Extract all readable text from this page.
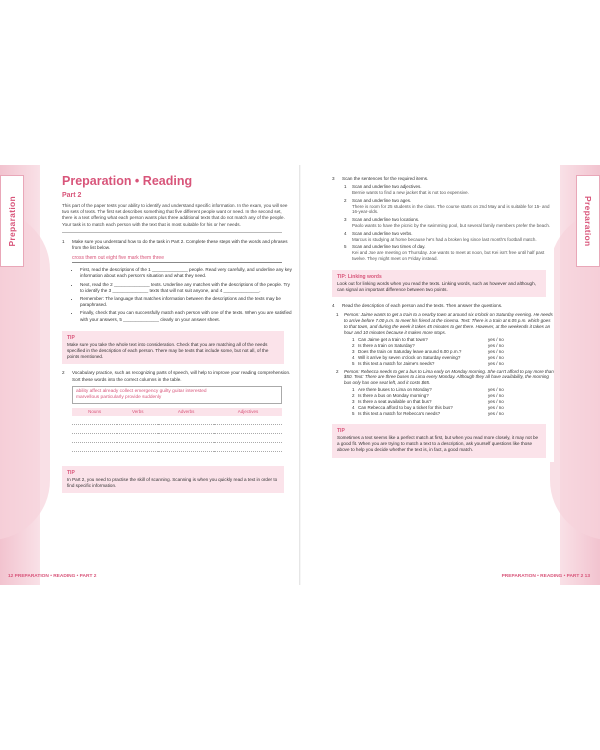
Preparation	Preparation
Preparation • Reading
Part 2
This part of the paper tests your ability to identify and understand specific information. In the exam, you will see two sets of texts. The first set describes something that five different people want or need. In the second set, there is a text offering what each person wants plus three additional texts that do not match any of the people. Your task is to match each person with the text that is most suitable for his or her needs.
1	Make sure you understand how to do the task in Part 2. Complete these steps with the words and phrases from the list below.
cross them out eight five mark them three
• First, read the descriptions of the 1 ______________ people. Read very carefully, and underline any key information about each person's situation and what they need.
• Next, read the 2 ______________ texts. Underline any matches with the descriptions of the people. Try to identify the 3 ______________ texts that will not suit anyone, and 4 ______________.
• Remember: The language that matches information between the descriptions and the texts may be paraphrased.
• Finally, check that you can successfully match each person with one of the texts. When you are satisfied with your answers, 5 ______________ clearly on your answer sheet.
TIP
Make sure you take the whole text into consideration. Check that you are matching all of the needs specified in the description of each person. There may be texts that include some, but not all, of the points mentioned.
2	Vocabulary practice, such as recognizing parts of speech, will help to improve your reading comprehension. Sort these words into the correct columns in the table.
ability affect already collect emergency guilty guitar interested
marvellous particularly provide suddenly
Nouns	Verbs	Adverbs	Adjectives

TIP
In Part 2, you need to practise the skill of scanning. Scanning is when you quickly read a text in order to find specific information.
3	Scan the sentences for the required items.
1	Scan and underline two adjectives.
Bernie wants to find a new jacket that is not too expensive.
2	Scan and underline two ages.
There is room for 25 students in the class. The course starts on 2nd May and is suitable for 15- and 16-year-olds.
3	Scan and underline two locations.
Paolo wants to have the picnic by the swimming pool, but several family members prefer the beach.
4	Scan and underline two verbs.
Marcus is studying at home because he's had a broken leg since last month's football match.
5	Scan and underline two times of day.
Kei and Joe are meeting on Thursday. Joe wants to meet at noon, but Kei isn't free until half past twelve. They might meet on Friday instead.
TIP: Linking words
Look out for linking words when you read the texts. Linking words, such as however and although, can signal an important difference between two points.
4	Read the description of each person and the texts. Then answer the questions.
1	Person: Jaime wants to get a train to a nearby town at around six o'clock on Saturday evening. He needs to arrive before 7.00 p.m. to meet his friend at the cinema. Text: There is a train at 6.05 p.m. which goes to that town, and during the week it takes 45 minutes to get there. However, at the weekends it takes an hour and 10 minutes because it makes more stops.
1 Can Jaime get a train to that town?	yes / no
2 Is there a train on Saturday?	yes / no
3 Does the train on Saturday leave around 6.00 p.m.?	yes / no
4 Will it arrive by seven o'clock on Saturday evening?	yes / no
5 Is this text a match for Jaime's needs?	yes / no
2	Person: Rebecca needs to get a bus to Lima early on Monday morning. She can't afford to pay more than $50. Text: There are three buses to Lima every Monday. Although they all have availability, the morning bus only has one seat left, and it costs $65.
1 Are there buses to Lima on Monday?	yes / no
2 Is there a bus on Monday morning?	yes / no
3 Is there a seat available on that bus?	yes / no
4 Can Rebecca afford to buy a ticket for this bus?	yes / no
5 Is this text a match for Rebecca's needs?	yes / no
TIP
Sometimes a text seems like a perfect match at first, but when you read more closely, it may not be a good fit. When you are trying to match a text to a description, ask yourself questions like those above to help you decide whether the text is, in fact, a good match.
12 PREPARATION • READING • PART 2	PREPARATION • READING • PART 2 13
